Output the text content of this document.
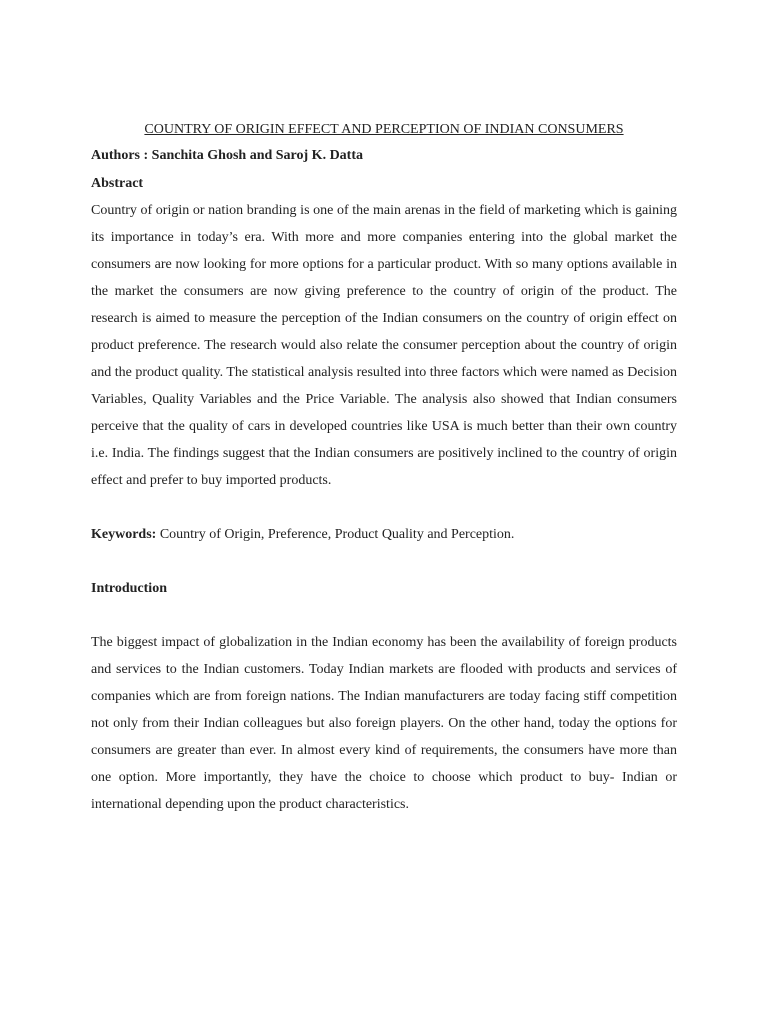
COUNTRY OF ORIGIN EFFECT AND PERCEPTION OF INDIAN CONSUMERS

Authors : Sanchita Ghosh and Saroj K. Datta

Abstract

Country of origin or nation branding is one of the main arenas in the field of marketing which is gaining its importance in today’s era. With more and more companies entering into the global market the consumers are now looking for more options for a particular product. With so many options available in the market the consumers are now giving preference to the country of origin of the product. The research is aimed to measure the perception of the Indian consumers on the country of origin effect on product preference. The research would also relate the consumer perception about the country of origin and the product quality. The statistical analysis resulted into three factors which were named as Decision Variables, Quality Variables and the Price Variable. The analysis also showed that Indian consumers perceive that the quality of cars in developed countries like USA is much better than their own country i.e. India. The findings suggest that the Indian consumers are positively inclined to the country of origin effect and prefer to buy imported products.

Keywords: Country of Origin, Preference, Product Quality and Perception.

Introduction

The biggest impact of globalization in the Indian economy has been the availability of foreign products and services to the Indian customers. Today Indian markets are flooded with products and services of companies which are from foreign nations. The Indian manufacturers are today facing stiff competition not only from their Indian colleagues but also foreign players. On the other hand, today the options for consumers are greater than ever. In almost every kind of requirements, the consumers have more than one option. More importantly, they have the choice to choose which product to buy- Indian or international depending upon the product characteristics.
